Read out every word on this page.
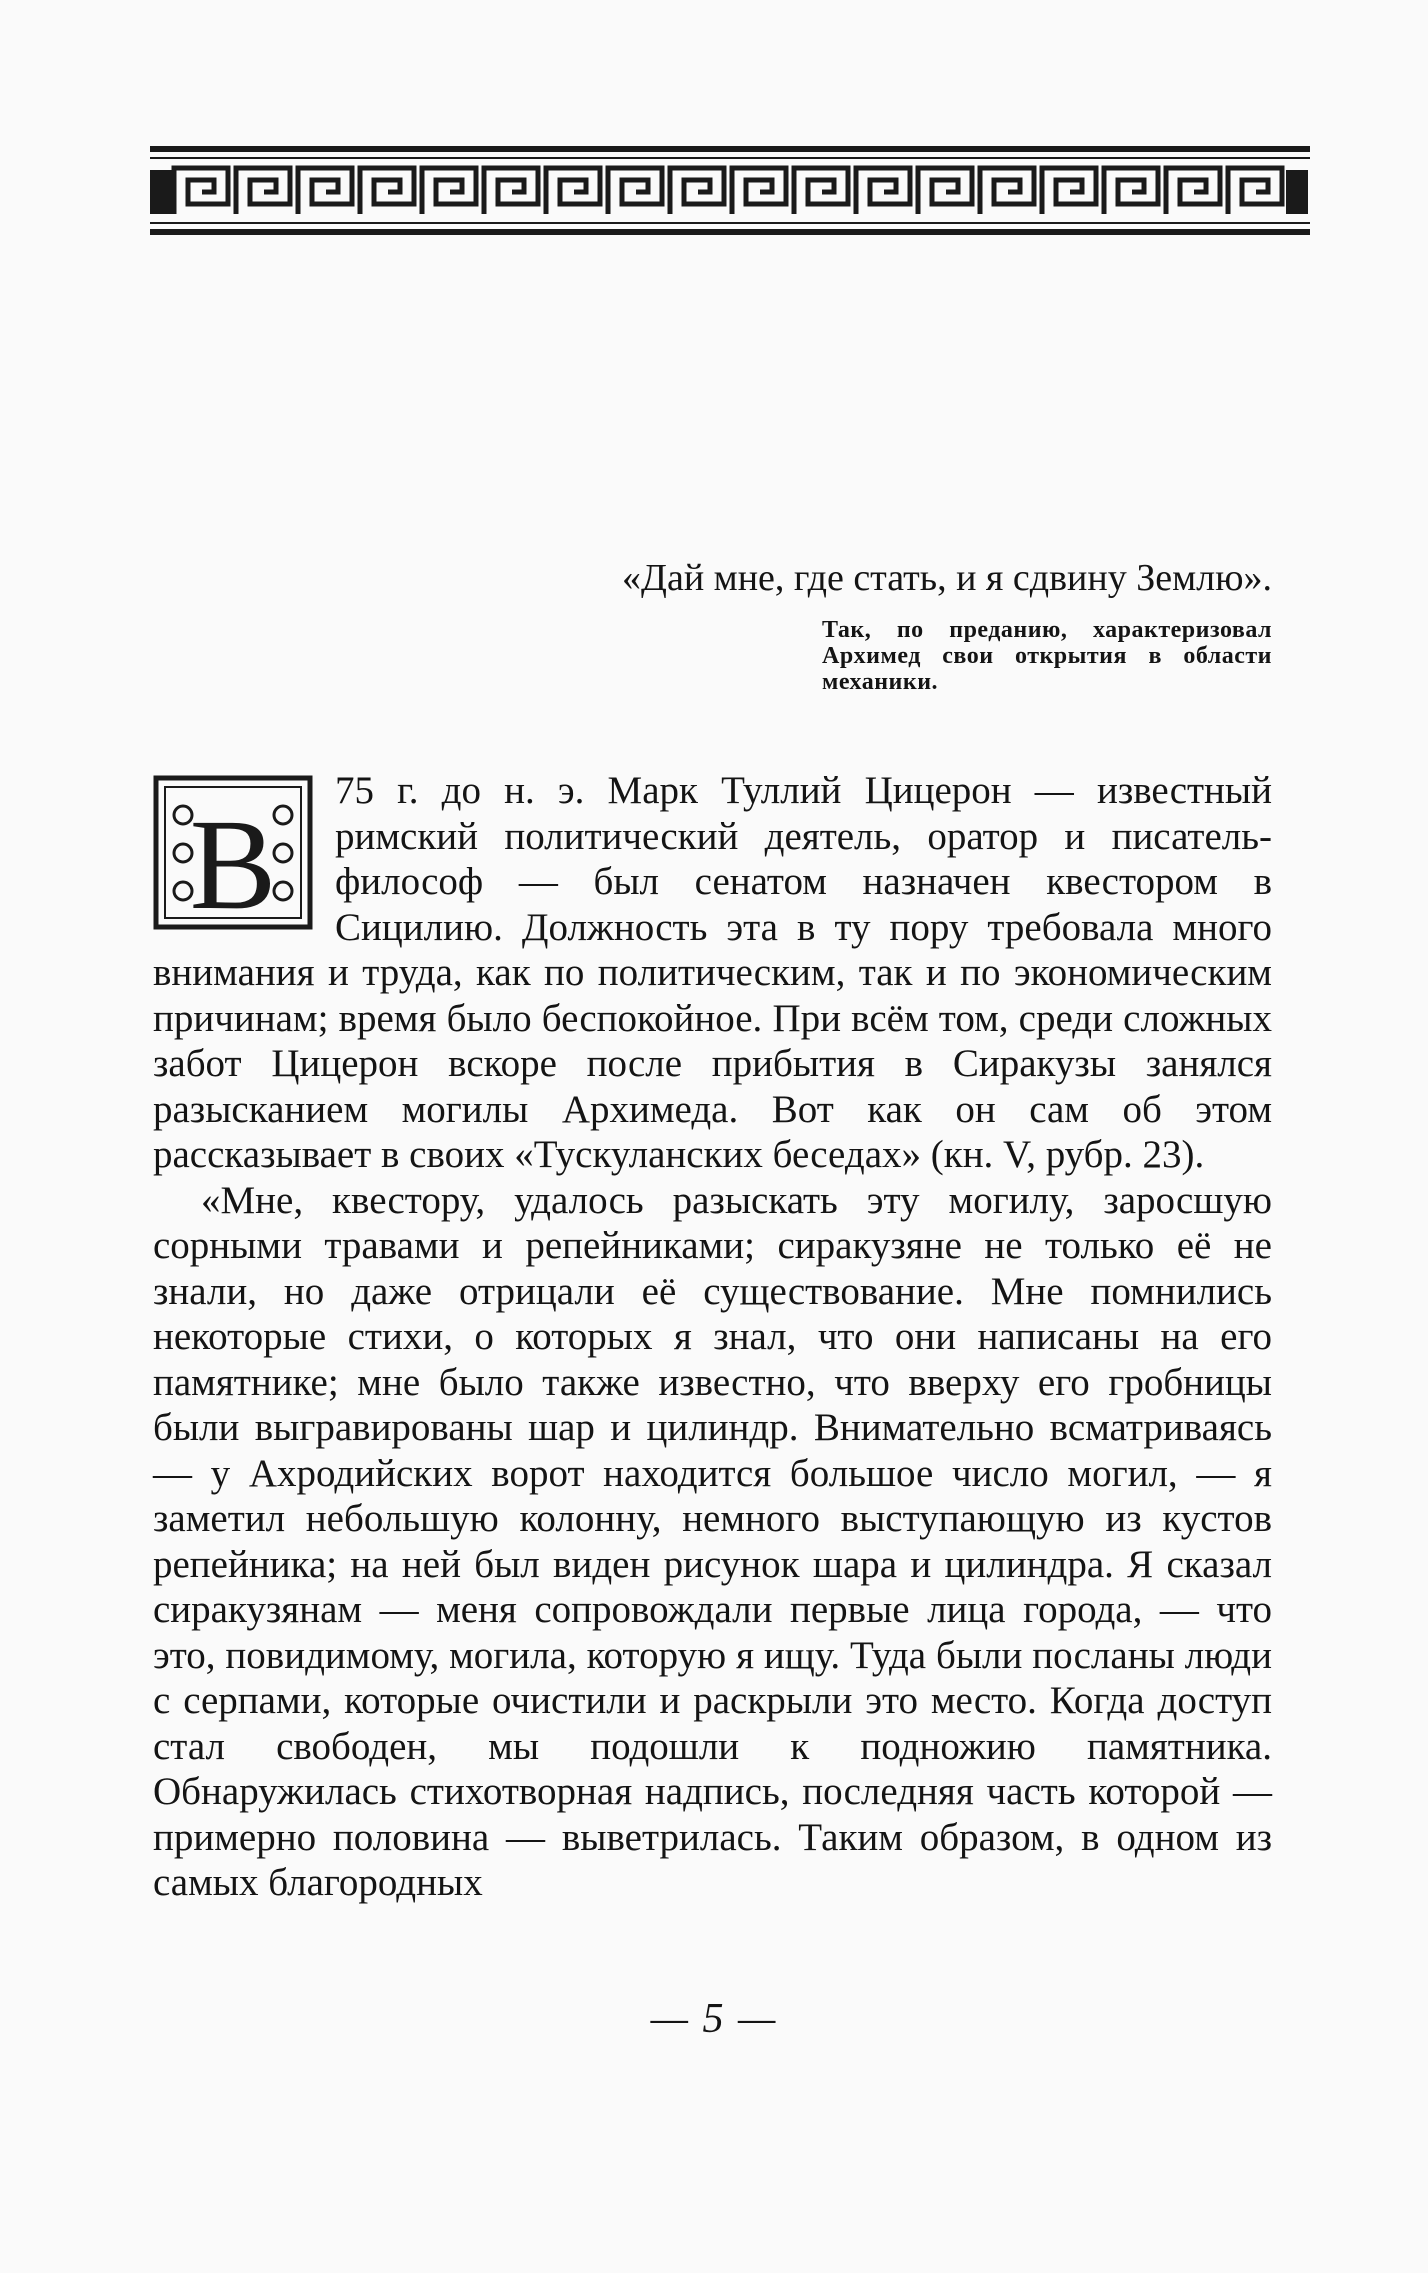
«Дай мне, где стать, и я сдвину Землю».
Так, по преданию, характеризовал Архимед свои открытия в области механики.

В
75 г. до н. э. Марк Туллий Цицерон — известный римский политический деятель, оратор и писатель-философ — был сенатом назначен квестором в Сицилию. Должность эта в ту пору требовала много внимания и труда, как по политическим, так и по экономическим причинам; время было беспокойное. При всём том, среди сложных забот Цицерон вскоре после прибытия в Сиракузы занялся разысканием могилы Архимеда. Вот как он сам об этом рассказывает в своих «Тускуланских беседах» (кн. V, рубр. 23).

«Мне, квестору, удалось разыскать эту могилу, заросшую сорными травами и репейниками; сиракузяне не только её не знали, но даже отрицали её существование. Мне помнились некоторые стихи, о которых я знал, что они написаны на его памятнике; мне было также известно, что вверху его гробницы были выгравированы шар и цилиндр. Внимательно всматриваясь — у Ахродийских ворот находится большое число могил, — я заметил небольшую колонну, немного выступающую из кустов репейника; на ней был виден рисунок шара и цилиндра. Я сказал сиракузянам — меня сопровождали первые лица города, — что это, повидимому, могила, которую я ищу. Туда были посланы люди с серпами, которые очистили и раскрыли это место. Когда доступ стал свободен, мы подошли к подножию памятника. Обнаружилась стихотворная надпись, последняя часть которой — примерно половина — выветрилась. Таким образом, в одном из самых благородных

— 5 —
